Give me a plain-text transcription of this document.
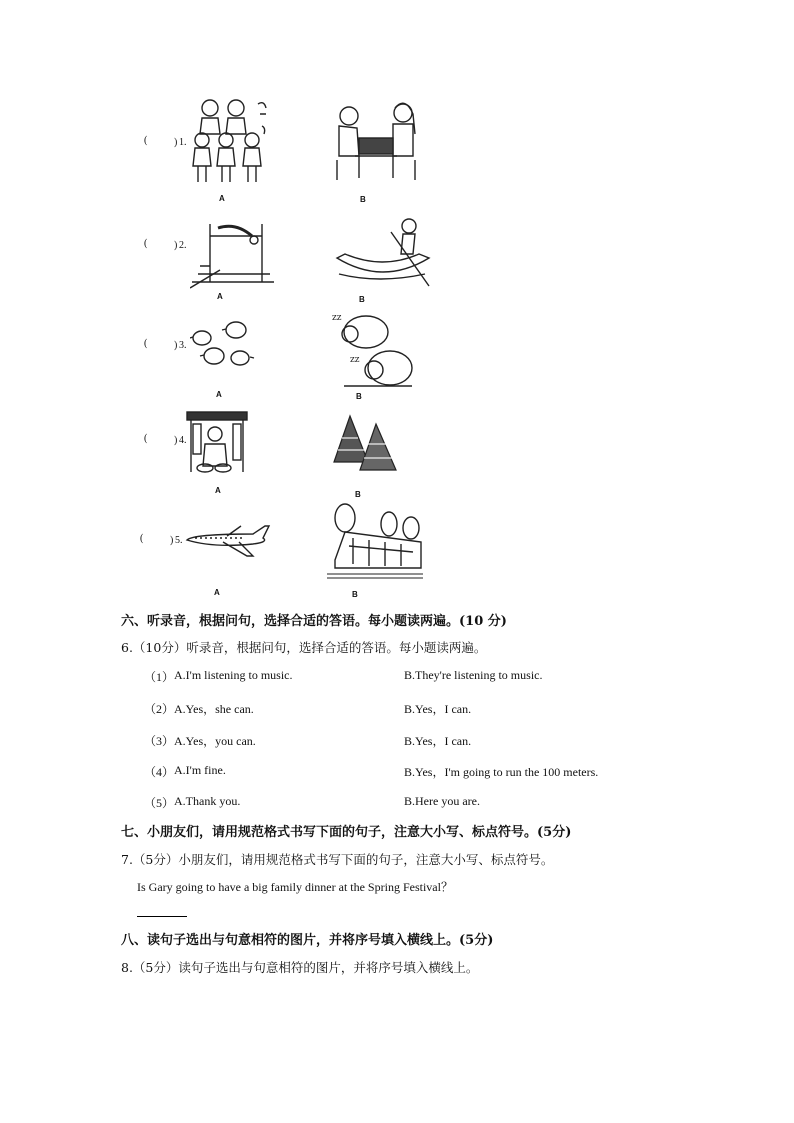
(	) 1.
A	B
(	) 2.
A	B
(	) 3.
A
zz
zz
B
(	) 4.
A	B
(	) 5.
A	B
六、听录音，根据问句，选择合适的答语。每小题读两遍。(10 分)
6.（10分）听录音，根据问句，选择合适的答语。每小题读两遍。
（1） A.I'm listening to music.	B.They're listening to music.
（2） A.Yes，she can.	B.Yes，I can.
（3） A.Yes，you can.	B.Yes，I can.
（4） A.I'm fine.	B.Yes，I'm going to run the 100 meters.
（5） A.Thank you.	B.Here you are.
七、小朋友们，请用规范格式书写下面的句子，注意大小写、标点符号。(5分)
7.（5分）小朋友们，请用规范格式书写下面的句子，注意大小写、标点符号。
Is Gary going to have a big family dinner at the Spring Festival？
八、读句子选出与句意相符的图片，并将序号填入横线上。(5分)
8.（5分）读句子选出与句意相符的图片，并将序号填入横线上。
